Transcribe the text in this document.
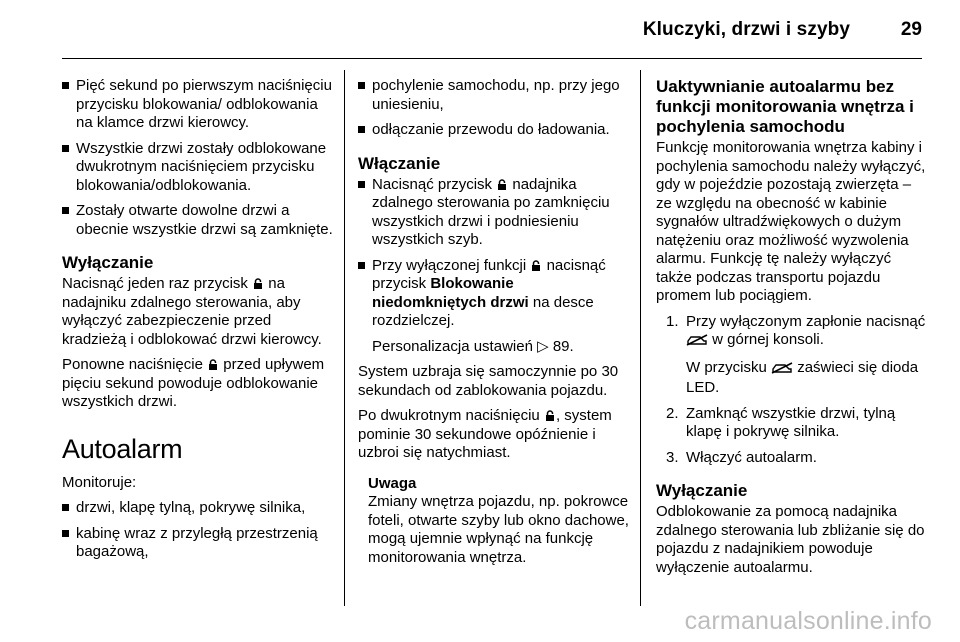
Kluczyki, drzwi i szyby	29
Pięć sekund po pierwszym naciśnięciu przycisku blokowania/ odblokowania na klamce drzwi kierowcy.
Wszystkie drzwi zostały odblokowane dwukrotnym naciśnięciem przycisku blokowania/odblokowania.
Zostały otwarte dowolne drzwi a obecnie wszystkie drzwi są zamknięte.
Wyłączanie

Nacisnąć jeden raz przycisk na nadajniku zdalnego sterowania, aby wyłączyć zabezpieczenie przed kradzieżą i odblokować drzwi kierowcy.

Ponowne naciśnięcie przed upływem pięciu sekund powoduje odblokowanie wszystkich drzwi.

Autoalarm

Monitoruje:

drzwi, klapę tylną, pokrywę silnika,
kabinę wraz z przyległą przestrzenią bagażową,
pochylenie samochodu, np. przy jego uniesieniu,
odłączanie przewodu do ładowania.
Włączanie
Nacisnąć przycisk nadajnika zdalnego sterowania po zamknięciu wszystkich drzwi i podniesieniu wszystkich szyb.
Przy wyłączonej funkcji nacisnąć przycisk Blokowanie niedomkniętych drzwi na desce rozdzielczej.
Personalizacja ustawień ▷ 89.

System uzbraja się samoczynnie po 30 sekundach od zablokowania pojazdu.

Po dwukrotnym naciśnięciu , system pominie 30 sekundowe opóźnienie i uzbroi się natychmiast.

Uwaga
Zmiany wnętrza pojazdu, np. pokrowce foteli, otwarte szyby lub okno dachowe, mogą ujemnie wpłynąć na funkcję monitorowania wnętrza.
Uaktywnianie autoalarmu bez funkcji monitorowania wnętrza i pochylenia samochodu

Funkcję monitorowania wnętrza kabiny i pochylenia samochodu należy wyłączyć, gdy w pojeździe pozostają zwierzęta – ze względu na obecność w kabinie sygnałów ultradźwiękowych o dużym natężeniu oraz możliwość wyzwolenia alarmu. Funkcję tę należy wyłączyć także podczas transportu pojazdu promem lub pociągiem.

1. Przy wyłączonym zapłonie nacisnąć  w górnej konsoli.
W przycisku zaświeci się dioda LED.
2. Zamknąć wszystkie drzwi, tylną klapę i pokrywę silnika.
3. Włączyć autoalarm.
Wyłączanie

Odblokowanie za pomocą nadajnika zdalnego sterowania lub zbliżanie się do pojazdu z nadajnikiem powoduje wyłączenie autoalarmu.

carmanualsonline.info
